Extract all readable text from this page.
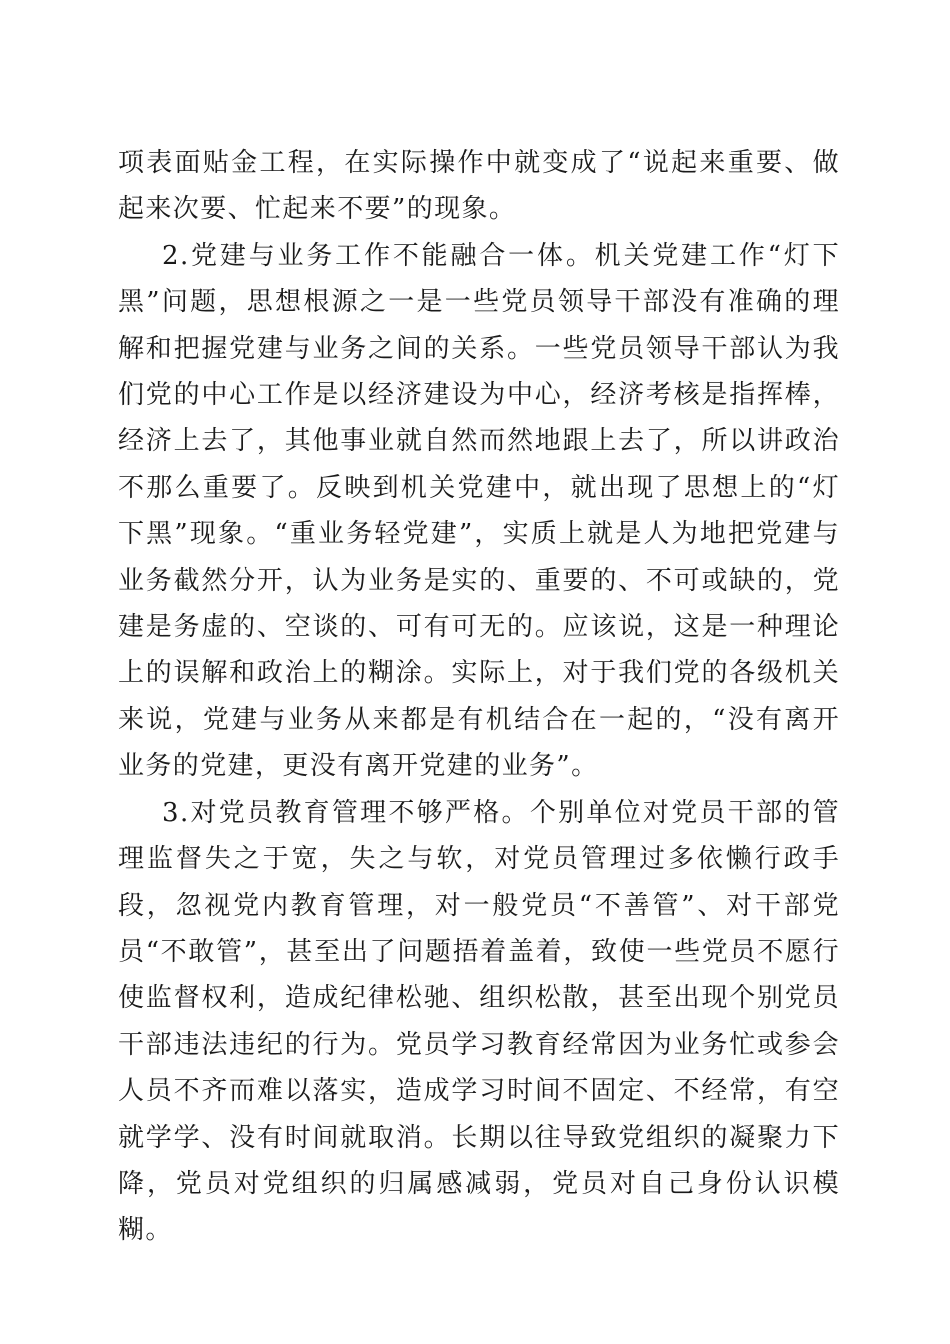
项表面贴金工程，在实际操作中就变成了“说起来重要、做起来次要、忙起来不要”的现象。

2.党建与业务工作不能融合一体。机关党建工作“灯下黑”问题，思想根源之一是一些党员领导干部没有准确的理解和把握党建与业务之间的关系。一些党员领导干部认为我们党的中心工作是以经济建设为中心，经济考核是指挥棒，经济上去了，其他事业就自然而然地跟上去了，所以讲政治不那么重要了。反映到机关党建中，就出现了思想上的“灯下黑”现象。“重业务轻党建”，实质上就是人为地把党建与业务截然分开，认为业务是实的、重要的、不可或缺的，党建是务虚的、空谈的、可有可无的。应该说，这是一种理论上的误解和政治上的糊涂。实际上，对于我们党的各级机关来说，党建与业务从来都是有机结合在一起的，“没有离开业务的党建，更没有离开党建的业务”。

3.对党员教育管理不够严格。个别单位对党员干部的管理监督失之于宽，失之与软，对党员管理过多依懒行政手段，忽视党内教育管理，对一般党员“不善管”、对干部党员“不敢管”，甚至出了问题捂着盖着，致使一些党员不愿行使监督权利，造成纪律松驰、组织松散，甚至出现个别党员干部违法违纪的行为。党员学习教育经常因为业务忙或参会人员不齐而难以落实，造成学习时间不固定、不经常，有空就学学、没有时间就取消。长期以往导致党组织的凝聚力下降，党员对党组织的归属感减弱，党员对自己身份认识模糊。
